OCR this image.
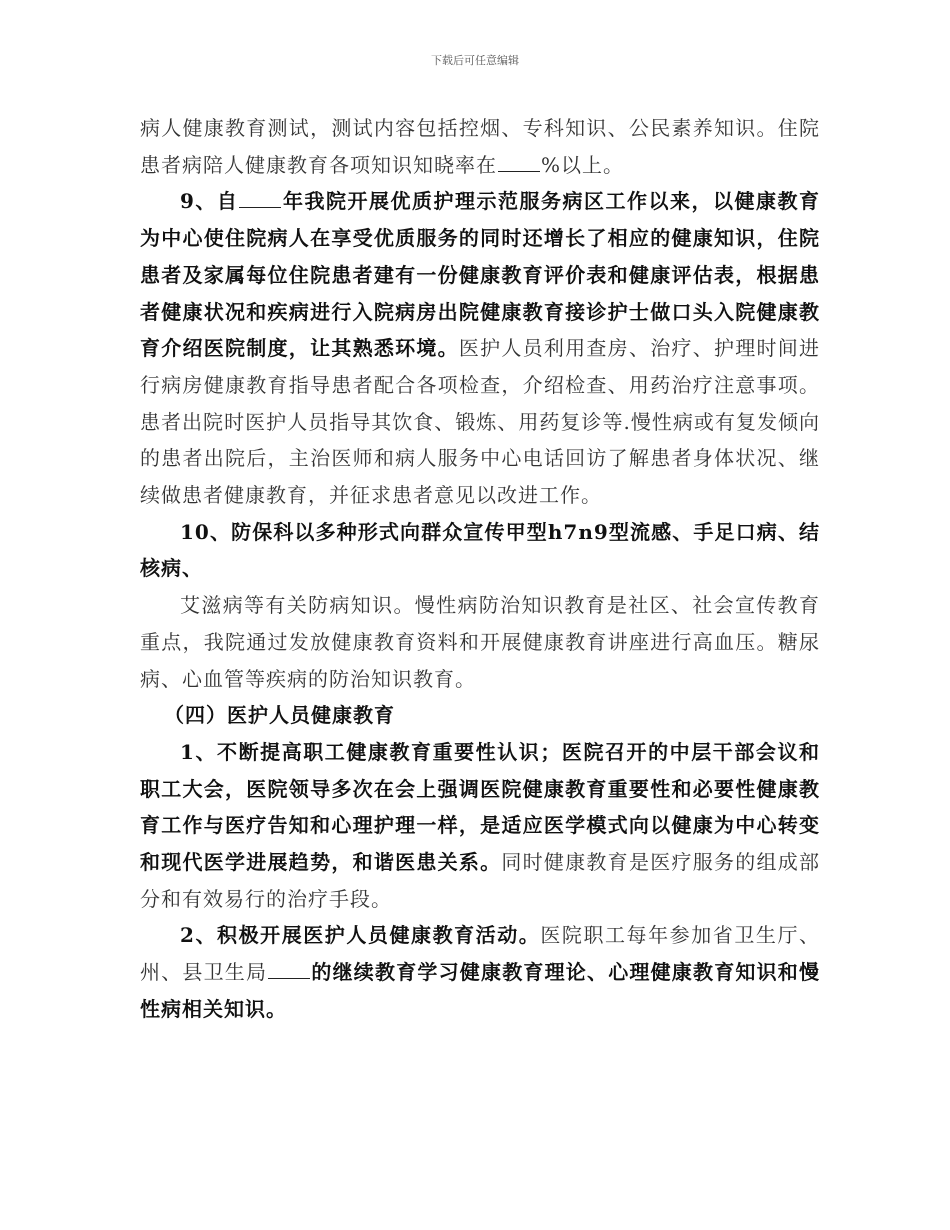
下载后可任意编辑

病人健康教育测试，测试内容包括控烟、专科知识、公民素养知识。住院患者病陪人健康教育各项知识知晓率在 %以上。

9、自 年我院开展优质护理示范服务病区工作以来，以健康教育为中心使住院病人在享受优质服务的同时还增长了相应的健康知识，住院患者及家属每位住院患者建有一份健康教育评价表和健康评估表，根据患者健康状况和疾病进行入院病房出院健康教育接诊护士做口头入院健康教育介绍医院制度，让其熟悉环境。医护人员利用查房、治疗、护理时间进行病房健康教育指导患者配合各项检查，介绍检查、用药治疗注意事项。患者出院时医护人员指导其饮食、锻炼、用药复诊等.慢性病或有复发倾向的患者出院后，主治医师和病人服务中心电话回访了解患者身体状况、继续做患者健康教育，并征求患者意见以改进工作。

10、防保科以多种形式向群众宣传甲型h7n9型流感、手足口病、结核病、

艾滋病等有关防病知识。慢性病防治知识教育是社区、社会宣传教育重点，我院通过发放健康教育资料和开展健康教育讲座进行高血压。糖尿病、心血管等疾病的防治知识教育。

（四）医护人员健康教育

1、不断提高职工健康教育重要性认识；医院召开的中层干部会议和职工大会，医院领导多次在会上强调医院健康教育重要性和必要性健康教育工作与医疗告知和心理护理一样，是适应医学模式向以健康为中心转变和现代医学进展趋势，和谐医患关系。同时健康教育是医疗服务的组成部分和有效易行的治疗手段。

2、积极开展医护人员健康教育活动。医院职工每年参加省卫生厅、州、县卫生局 的继续教育学习健康教育理论、心理健康教育知识和慢性病相关知识。
